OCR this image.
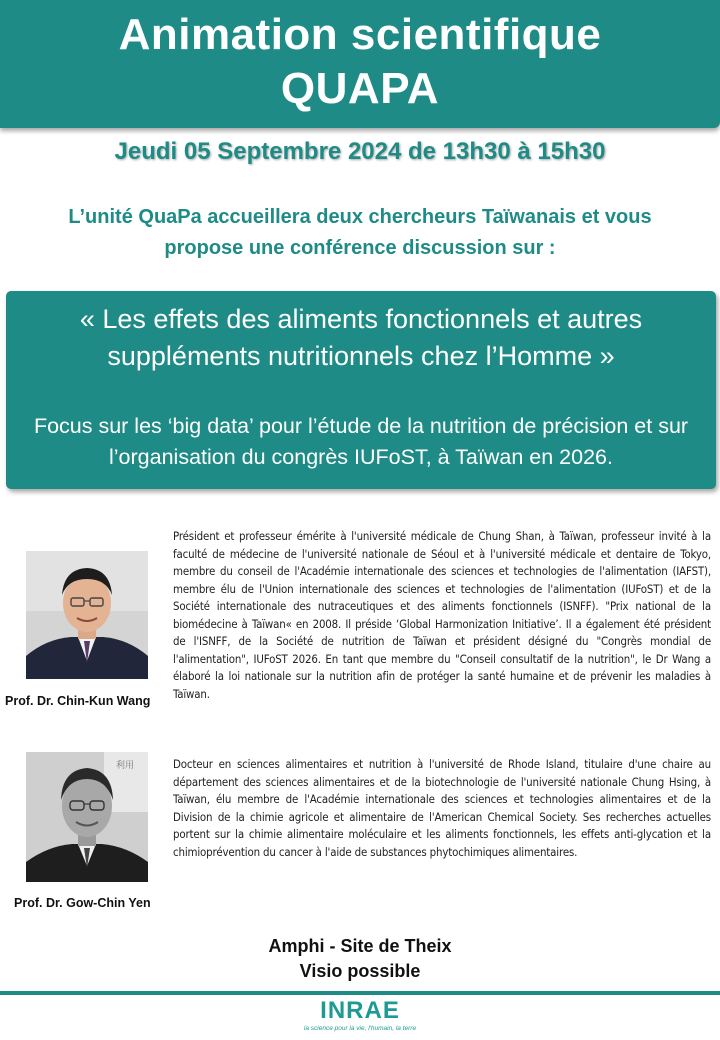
Animation scientifique
QUAPA
Jeudi 05 Septembre 2024 de 13h30 à 15h30
L’unité QuaPa accueillera deux chercheurs Taïwanais et vous propose une conférence discussion sur :
« Les effets des aliments fonctionnels et autres suppléments nutritionnels chez l’Homme »
Focus sur les ‘big data’ pour l’étude de la nutrition de précision et sur l’organisation du congrès IUFoST, à Taïwan en 2026.
Prof. Dr. Chin-Kun Wang
Président et professeur émérite à l'université médicale de Chung Shan, à Taïwan, professeur invité à la faculté de médecine de l'université nationale de Séoul et à l'université médicale et dentaire de Tokyo, membre du conseil de l'Académie internationale des sciences et technologies de l'alimentation (IAFST), membre élu de l'Union internationale des sciences et technologies de l'alimentation (IUFoST) et de la Société internationale des nutraceutiques et des aliments fonctionnels (ISNFF). "Prix national de la biomédecine à Taïwan« en 2008. Il préside ‘Global Harmonization Initiative’. Il a également été président de l'ISNFF, de la Société de nutrition de Taïwan et président désigné du "Congrès mondial de l'alimentation", IUFoST 2026. En tant que membre du "Conseil consultatif de la nutrition", le Dr Wang a élaboré la loi nationale sur la nutrition afin de protéger la santé humaine et de prévenir les maladies à Taïwan.
利用
Prof. Dr. Gow-Chin Yen
Docteur en sciences alimentaires et nutrition à l'université de Rhode Island, titulaire d'une chaire au département des sciences alimentaires et de la biotechnologie de l'université nationale Chung Hsing, à Taïwan, élu membre de l'Académie internationale des sciences et technologies alimentaires et de la Division de la chimie agricole et alimentaire de l'American Chemical Society. Ses recherches actuelles portent sur la chimie alimentaire moléculaire et les aliments fonctionnels, les effets anti-glycation et la chimioprévention du cancer à l'aide de substances phytochimiques alimentaires.
Amphi - Site de Theix
Visio possible
INRAE
la science pour la vie, l'humain, la terre
